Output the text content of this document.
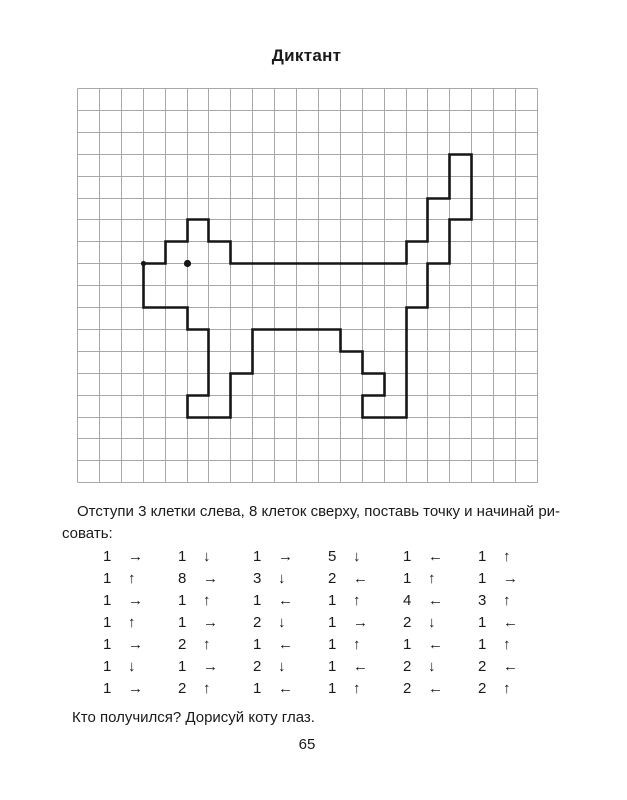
Диктант
Отступи 3 клетки слева, 8 клеток сверху, поставь точку и начинай ри-
совать:
1 →	1 ↓	1 →	5 ↓	1 ←	1 ↑
1 ↑	8 →	3 ↓	2 ←	1 ↑	1 →
1 →	1 ↑	1 ←	1 ↑	4 ←	3 ↑
1 ↑	1 →	2 ↓	1 →	2 ↓	1 ←
1 →	2 ↑	1 ←	1 ↑	1 ←	1 ↑
1 ↓	1 →	2 ↓	1 ←	2 ↓	2 ←
1 →	2 ↑	1 ←	1 ↑	2 ←	2 ↑
Кто получился? Дорисуй коту глаз.
65
